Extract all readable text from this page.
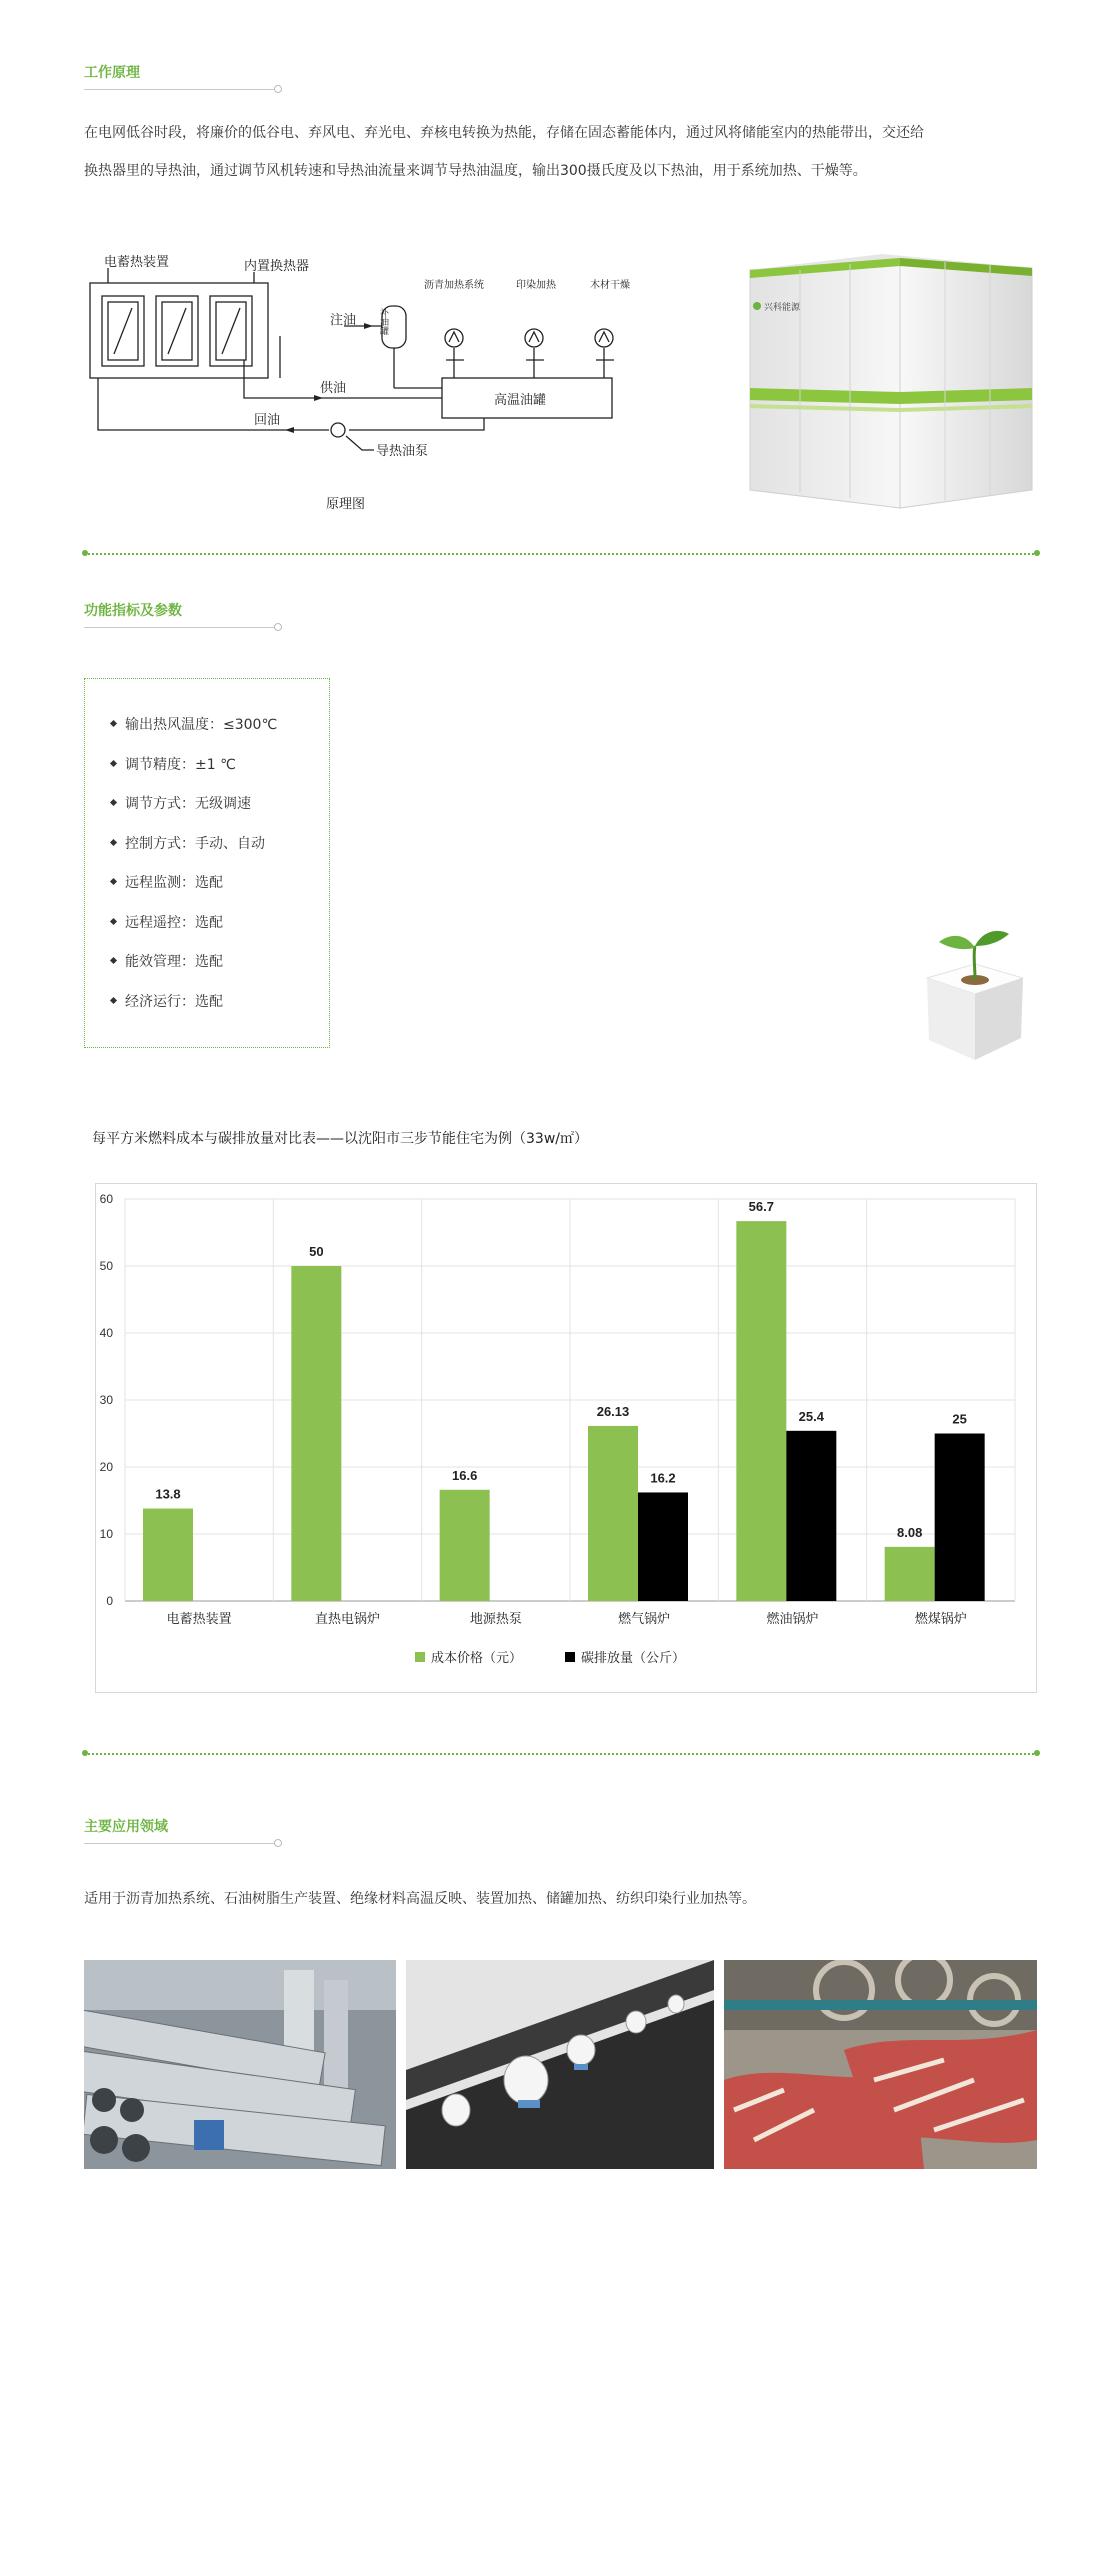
工作原理
在电网低谷时段，将廉价的低谷电、弃风电、弃光电、弃核电转换为热能，存储在固态蓄能体内，通过风将储能室内的热能带出，交还给
换热器里的导热油，通过调节风机转速和导热油流量来调节导热油温度，输出300摄氏度及以下热油，用于系统加热、干燥等。
电蓄热装置	内置换热器
沥青加热系统	印染加热	木材干燥
注油	补油罐
供油
回油
高温油罐
导热油泵
原理图
兴科能源
功能指标及参数
输出热风温度：≤300℃
调节精度：±1 ℃
调节方式：无级调速
控制方式：手动、自动
远程监测：选配
远程遥控：选配
能效管理：选配
经济运行：选配
每平方米燃料成本与碳排放量对比表——以沈阳市三步节能住宅为例（33w/㎡）
0
10
20
30
40
50
60
13.8
电蓄热装置
50
直热电锅炉
16.6
地源热泵
26.13
16.2
燃气锅炉
56.7
25.4
燃油锅炉
8.08
25
燃煤锅炉
成本价格（元）	碳排放量（公斤）
主要应用领域
适用于沥青加热系统、石油树脂生产装置、绝缘材料高温反映、装置加热、储罐加热、纺织印染行业加热等。
